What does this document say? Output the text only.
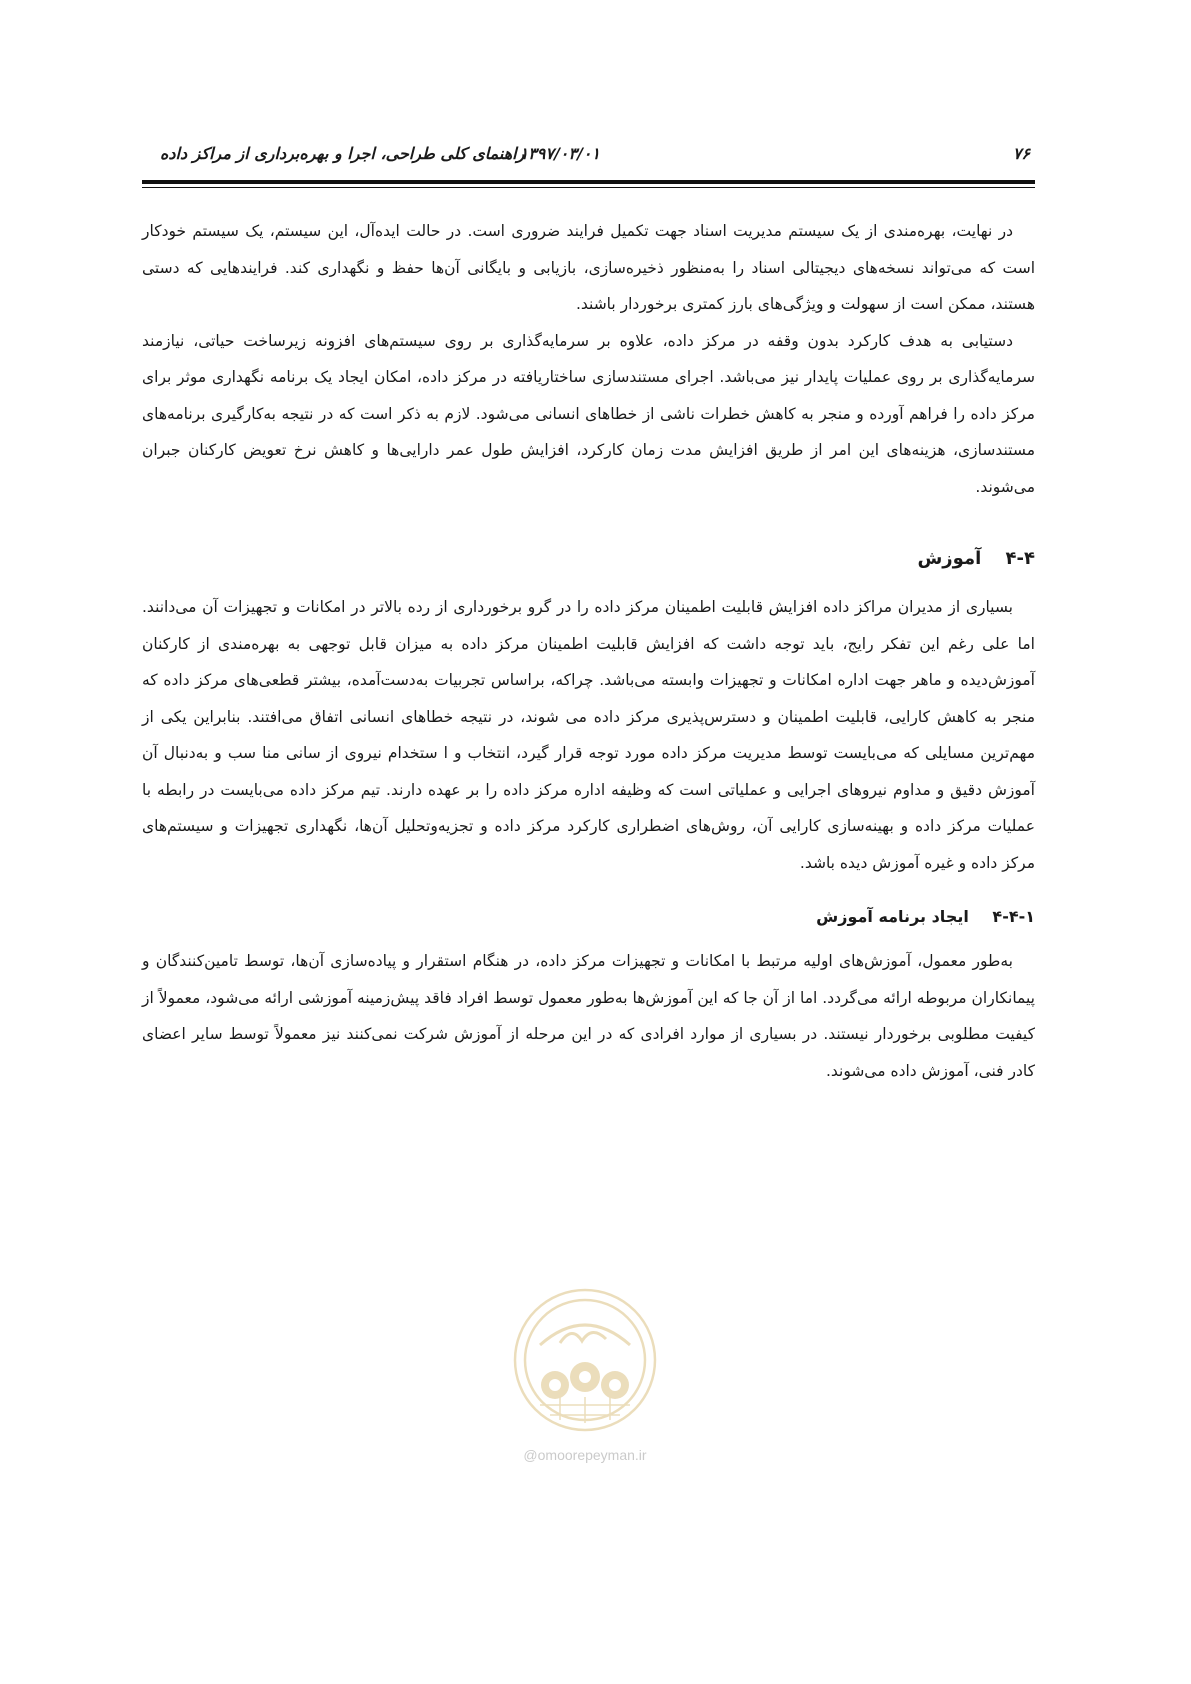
۷۶
۱۳۹۷/۰۳/۰۱
راهنمای کلی طراحی، اجرا و بهره‌برداری از مراکز داده

در نهایت، بهره‌مندی از یک سیستم مدیریت اسناد جهت تکمیل فرایند ضروری است. در حالت ایده‌آل، این سیستم، یک سیستم خودکار است که می‌تواند نسخه‌های دیجیتالی اسناد را به‌منظور ذخیره‌سازی، بازیابی و بایگانی آن‌ها حفظ و نگهداری کند. فرایندهایی که دستی هستند، ممکن است از سهولت و ویژگی‌های بارز کمتری برخوردار باشند.

دستیابی به هدف کارکرد بدون وقفه در مرکز داده، علاوه بر سرمایه‌گذاری بر روی سیستم‌های افزونه زیرساخت حیاتی، نیازمند سرمایه‌گذاری بر روی عملیات پایدار نیز می‌باشد. اجرای مستندسازی ساختاریافته در مرکز داده، امکان ایجاد یک برنامه نگهداری موثر برای مرکز داده را فراهم آورده و منجر به کاهش خطرات ناشی از خطاهای انسانی می‌شود. لازم به ذکر است که در نتیجه به‌کارگیری برنامه‌های مستندسازی، هزینه‌های این امر از طریق افزایش مدت زمان کارکرد، افزایش طول عمر دارایی‌ها و کاهش نرخ تعویض کارکنان جبران می‌شوند.

۴-۴ آموزش

بسیاری از مدیران مراکز داده افزایش قابلیت اطمینان مرکز داده را در گرو برخورداری از رده بالاتر در امکانات و تجهیزات آن می‌دانند. اما علی رغم این تفکر رایج، باید توجه داشت که افزایش قابلیت اطمینان مرکز داده به میزان قابل توجهی به بهره‌مندی از کارکنان آموزش‌دیده و ماهر جهت اداره امکانات و تجهیزات وابسته می‌باشد. چراکه، براساس تجربیات به‌دست‌آمده، بیشتر قطعی‌های مرکز داده که منجر به کاهش کارایی، قابلیت اطمینان و دسترس‌پذیری مرکز داده می شوند، در نتیجه خطاهای انسانی اتفاق می‌افتند. بنابراین یکی از مهم‌ترین مسایلی که می‌بایست توسط مدیریت مرکز داده مورد توجه قرار گیرد، انتخاب و ا ستخدام نیروی از سانی منا سب و به‌دنبال آن آموزش دقیق و مداوم نیروهای اجرایی و عملیاتی است که وظیفه اداره مرکز داده را بر عهده دارند. تیم مرکز داده می‌بایست در رابطه با عملیات مرکز داده و بهینه‌سازی کارایی آن، روش‌های اضطراری کارکرد مرکز داده و تجزیه‌وتحلیل آن‌ها، نگهداری تجهیزات و سیستم‌های مرکز داده و غیره آموزش دیده باشد.

۴-۴-۱ ایجاد برنامه آموزش

به‌طور معمول، آموزش‌های اولیه مرتبط با امکانات و تجهیزات مرکز داده، در هنگام استقرار و پیاده‌سازی آن‌ها، توسط تامین‌کنندگان و پیمانکاران مربوطه ارائه می‌گردد. اما از آن جا که این آموزش‌ها به‌طور معمول توسط افراد فاقد پیش‌زمینه آموزشی ارائه می‌شود، معمولاً از کیفیت مطلوبی برخوردار نیستند. در بسیاری از موارد افرادی که در این مرحله از آموزش شرکت نمی‌کنند نیز معمولاً توسط سایر اعضای کادر فنی، آموزش داده می‌شوند.

@omoorepeyman.ir
